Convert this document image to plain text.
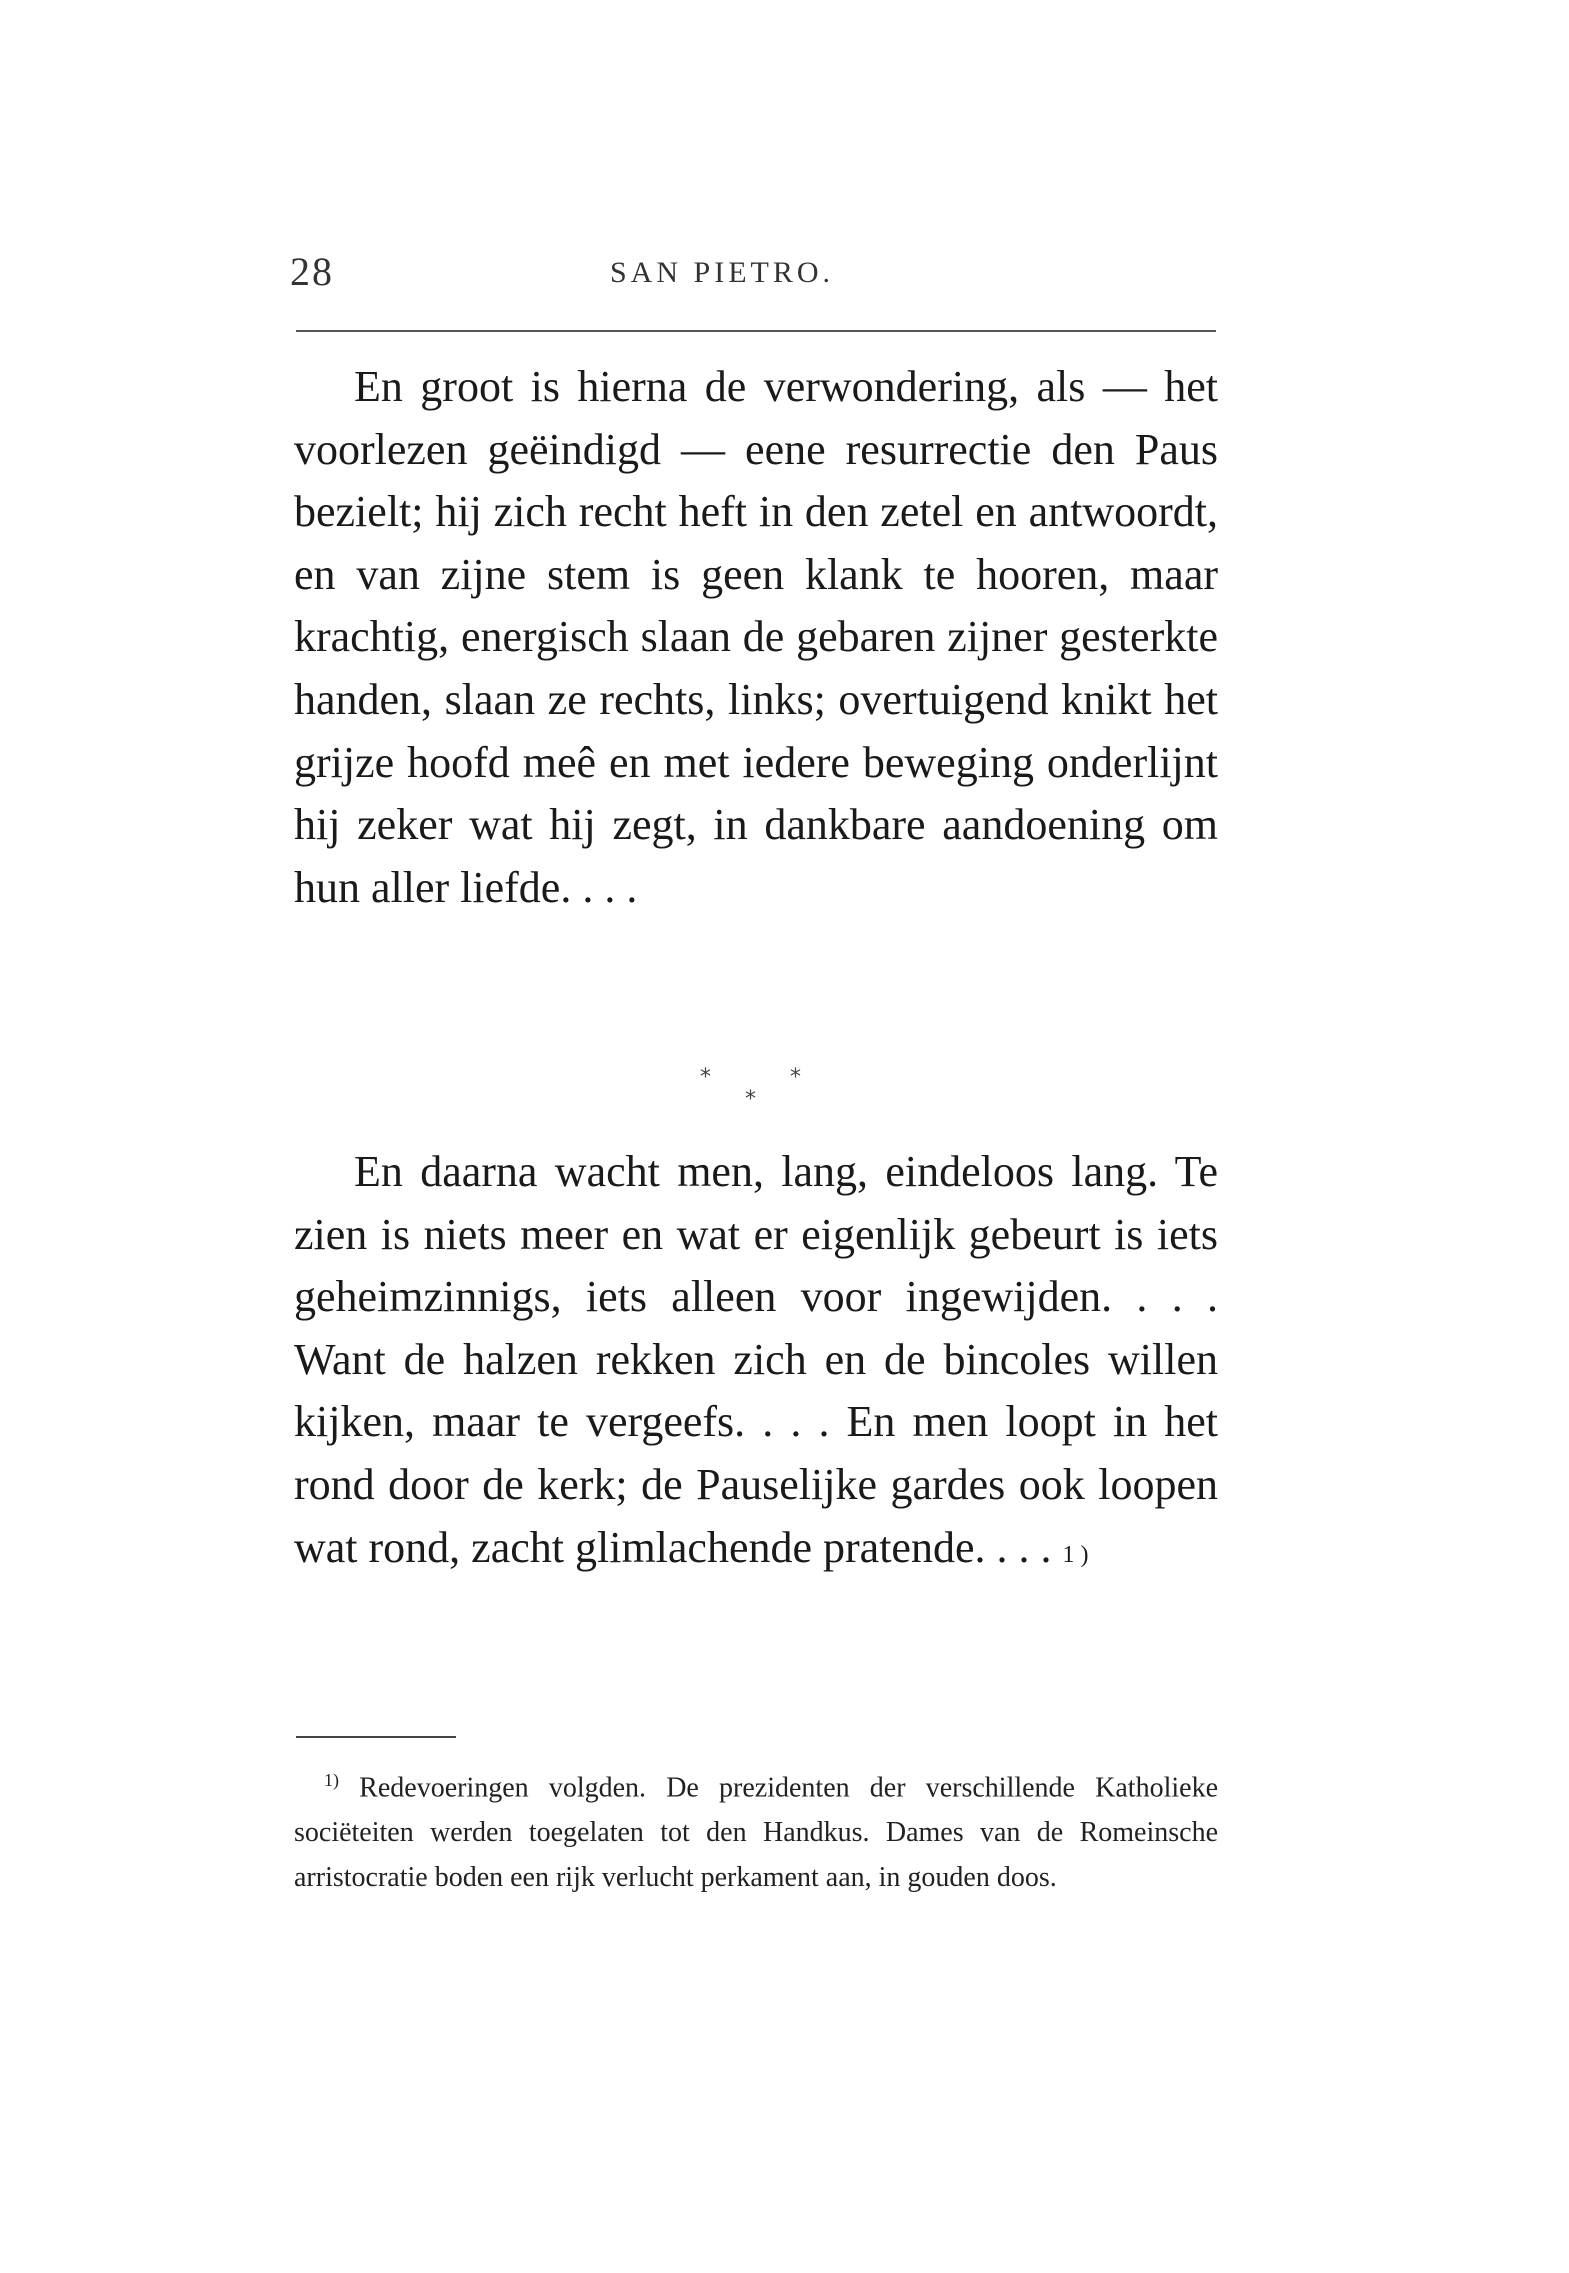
28	SAN PIETRO.

En groot is hierna de verwondering, als — het voorlezen geëindigd — eene resurrectie den Paus bezielt; hij zich recht heft in den zetel en antwoordt, en van zijne stem is geen klank te hooren, maar krachtig, energisch slaan de gebaren zijner gesterkte handen, slaan ze rechts, links; overtuigend knikt het grijze hoofd meê en met iedere beweging onderlijnt hij zeker wat hij zegt, in dankbare aandoening om hun aller liefde. . . .

*	*
*

En daarna wacht men, lang, eindeloos lang. Te zien is niets meer en wat er eigenlijk gebeurt is iets geheimzinnigs, iets alleen voor ingewijden. . . . Want de halzen rekken zich en de bincoles willen kijken, maar te vergeefs. . . . En men loopt in het rond door de kerk; de Pauselijke gardes ook loopen wat rond, zacht glimlachende pratende. . . . 1 )

$^{1)}$ Redevoeringen volgden. De prezidenten der verschillende Katholieke sociëteiten werden toegelaten tot den Handkus. Dames van de Romeinsche arristocratie boden een rijk verlucht perkament aan, in gouden doos.
